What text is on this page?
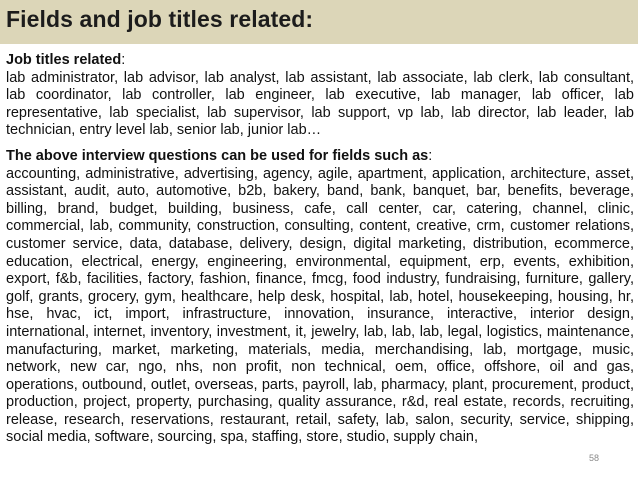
Fields and job titles related:

Job titles related:

lab administrator, lab advisor, lab analyst, lab assistant, lab associate, lab clerk, lab consultant, lab coordinator, lab controller, lab engineer, lab executive, lab manager, lab officer, lab representative, lab specialist, lab supervisor, lab support, vp lab, lab director, lab leader, lab technician, entry level lab, senior lab, junior lab…

The above interview questions can be used for fields such as:

accounting, administrative, advertising, agency, agile, apartment, application, architecture, asset, assistant, audit, auto, automotive, b2b, bakery, band, bank, banquet, bar, benefits, beverage, billing, brand, budget, building, business, cafe, call center, car, catering, channel, clinic, commercial, lab, community, construction, consulting, content, creative, crm, customer relations, customer service, data, database, delivery, design, digital marketing, distribution, ecommerce, education, electrical, energy, engineering, environmental, equipment, erp, events, exhibition, export, f&b, facilities, factory, fashion, finance, fmcg, food industry, fundraising, furniture, gallery, golf, grants, grocery, gym, healthcare, help desk, hospital, lab, hotel, housekeeping, housing, hr, hse, hvac, ict, import, infrastructure, innovation, insurance, interactive, interior design, international, internet, inventory, investment, it, jewelry, lab, lab, lab, legal, logistics, maintenance, manufacturing, market, marketing, materials, media, merchandising, lab, mortgage, music, network, new car, ngo, nhs, non profit, non technical, oem, office, offshore, oil and gas, operations, outbound, outlet, overseas, parts, payroll, lab, pharmacy, plant, procurement, product, production, project, property, purchasing, quality assurance, r&d, real estate, records, recruiting, release, research, reservations, restaurant, retail, safety, lab, salon, security, service, shipping, social media, software, sourcing, spa, staffing, store, studio, supply chain,

58
